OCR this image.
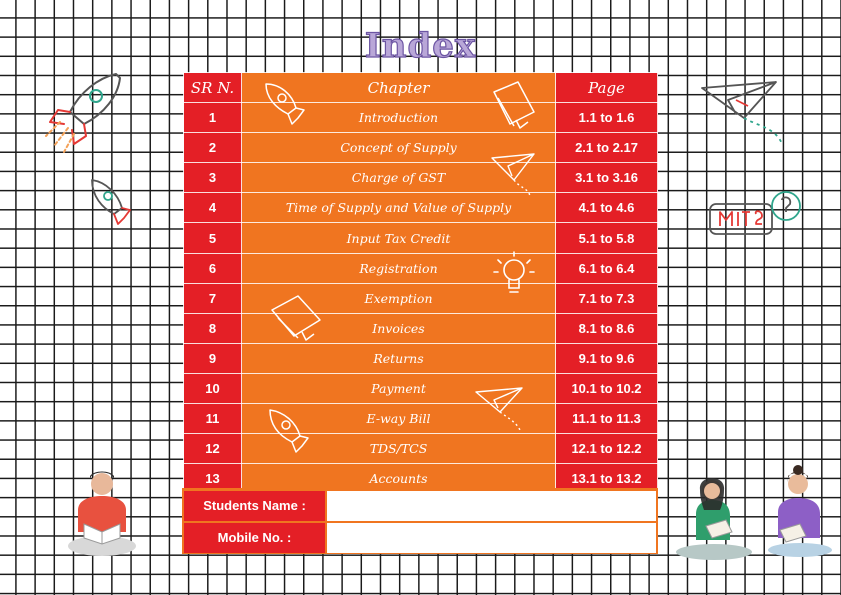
Index
SR N.	Chapter	Page
1	Introduction	1.1 to 1.6
2	Concept of Supply	2.1 to 2.17
3	Charge of GST	3.1 to 3.16
4	Time of Supply and Value of Supply	4.1 to 4.6
5	Input Tax Credit	5.1 to 5.8
6	Registration	6.1 to 6.4
7	Exemption	7.1 to 7.3
8	Invoices	8.1 to 8.6
9	Returns	9.1 to 9.6
10	Payment	10.1 to 10.2
11	E-way Bill	11.1 to 11.3
12	TDS/TCS	12.1 to 12.2
13	Accounts	13.1 to 13.2
Students Name :
Mobile No. :
